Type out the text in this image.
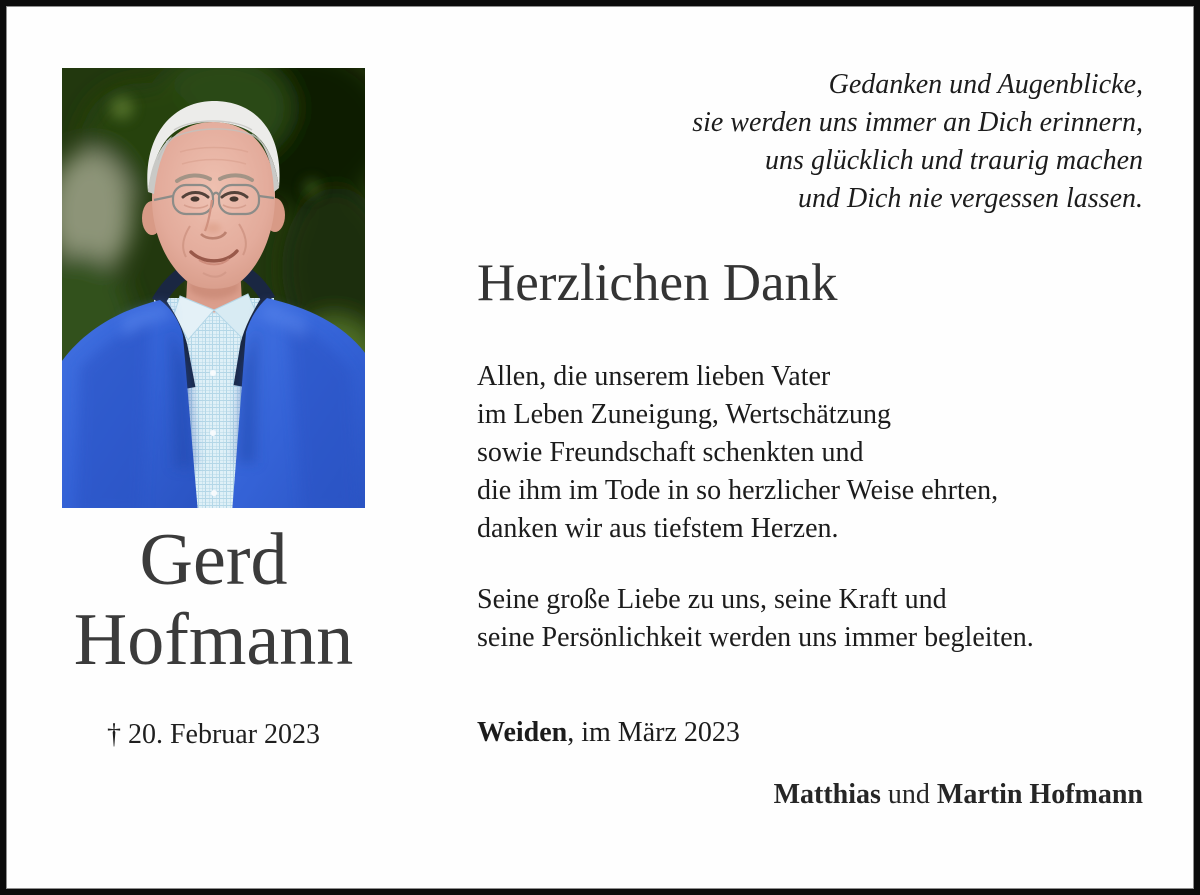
Gerd
Hofmann
† 20. Februar 2023
Gedanken und Augenblicke,
sie werden uns immer an Dich erinnern,
uns glücklich und traurig machen
und Dich nie vergessen lassen.
Herzlichen Dank
Allen, die unserem lieben Vater
im Leben Zuneigung, Wertschätzung
sowie Freundschaft schenkten und
die ihm im Tode in so herzlicher Weise ehrten,
danken wir aus tiefstem Herzen.
Seine große Liebe zu uns, seine Kraft und
seine Persönlichkeit werden uns immer begleiten.
Weiden, im März 2023
Matthias und Martin Hofmann
